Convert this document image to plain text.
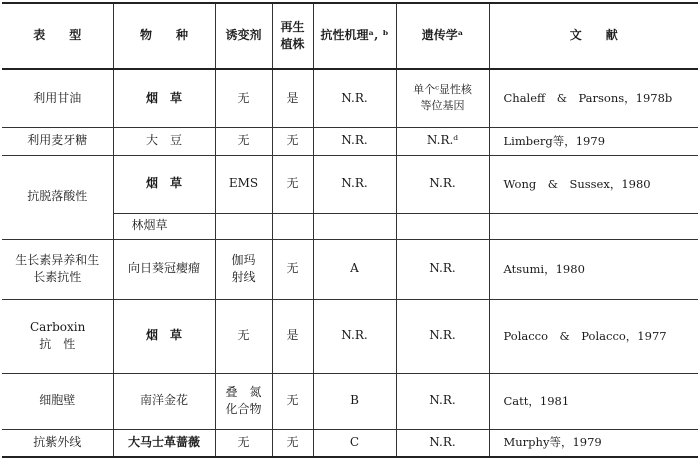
表　　型	物　　种	诱变剂	再生植株	抗性机理ᵃ, ᵇ	遗传学ᵃ	文　　献
利用甘油	烟　草	无	是	N.R.	单个ᶜ显性核等位基因	Chaleff　&　Parsons，1978b
利用麦牙糖	大　豆	无	无	N.R.	N.R.ᵈ	Limberg等，1979
抗脱落酸性	烟　草	EMS	无	N.R.	N.R.	Wong　&　Sussex，1980
	林烟草					
生长素异养和生长素抗性	向日葵冠瘿瘤	伽玛射线	无	A	N.R.	Atsumi，1980
Carboxin抗　性	烟　草	无	是	N.R.	N.R.	Polacco　&　Polacco，1977
细胞壁	南洋金花	叠　氮化合物	无	B	N.R.	Catt，1981
抗紫外线	大马士革蔷薇	无	无	C	N.R.	Murphy等，1979
